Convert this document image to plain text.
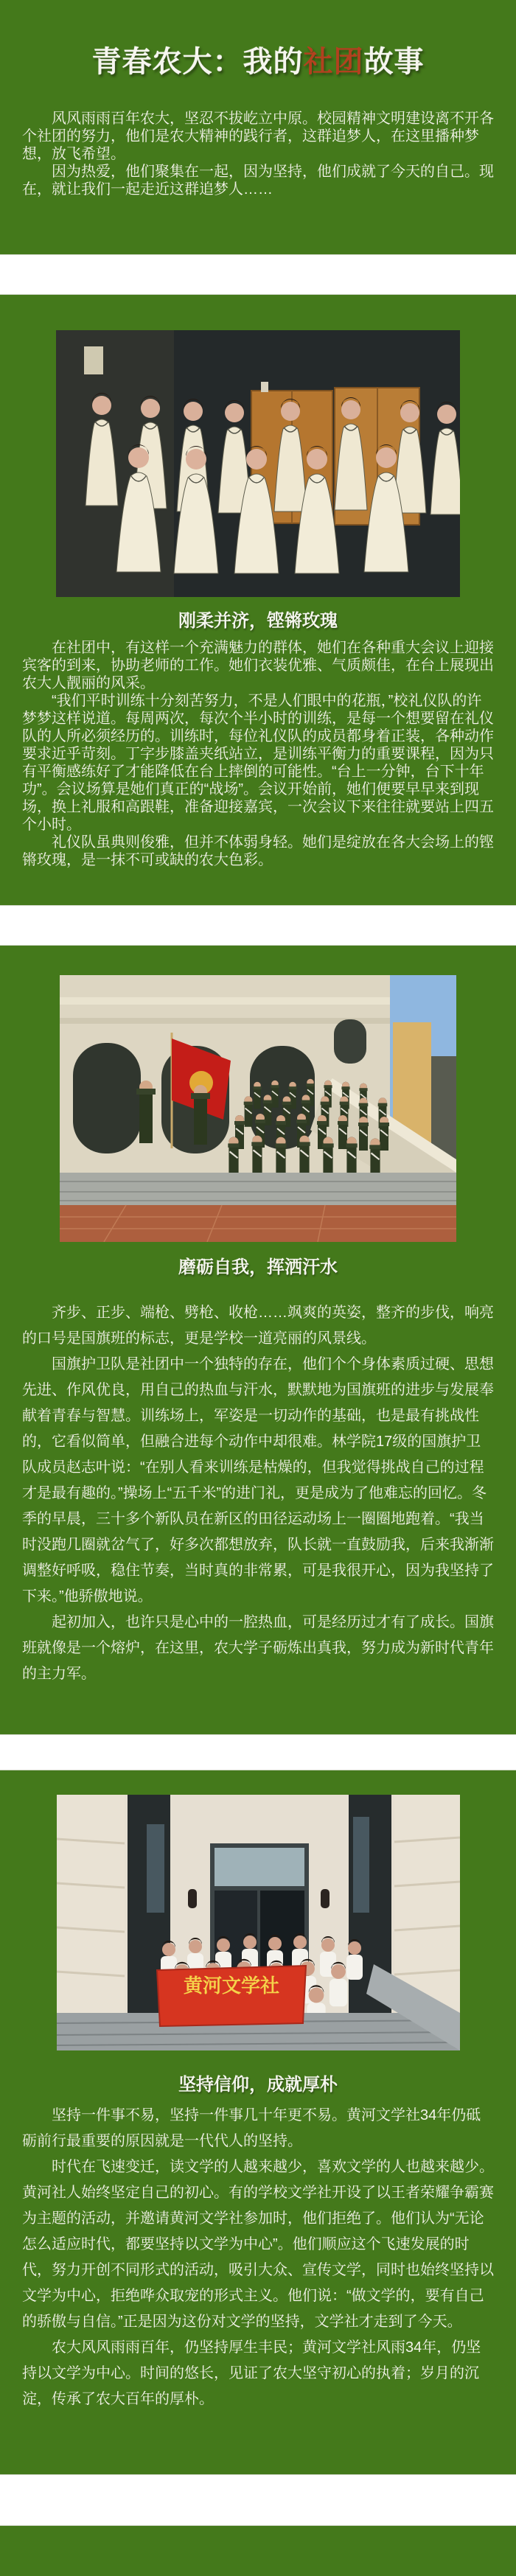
青春农大：我的社团故事

风风雨雨百年农大，坚忍不拔屹立中原。校园精神文明建设离不开各个社团的努力，他们是农大精神的践行者，这群追梦人，在这里播种梦想，放飞希望。

因为热爱，他们聚集在一起，因为坚持，他们成就了今天的自己。现在，就让我们一起走近这群追梦人……

刚柔并济，铿锵玫瑰

在社团中，有这样一个充满魅力的群体，她们在各种重大会议上迎接宾客的到来，协助老师的工作。她们衣装优雅、气质颇佳，在台上展现出农大人靓丽的风采。

“我们平时训练十分刻苦努力，不是人们眼中的花瓶，”校礼仪队的许梦梦这样说道。每周两次，每次个半小时的训练，是每一个想要留在礼仪队的人所必须经历的。训练时，每位礼仪队的成员都身着正装，各种动作要求近乎苛刻。丁字步膝盖夹纸站立，是训练平衡力的重要课程，因为只有平衡感练好了才能降低在台上摔倒的可能性。“台上一分钟，台下十年功”。会议场算是她们真正的“战场”。会议开始前，她们便要早早来到现场，换上礼服和高跟鞋，准备迎接嘉宾，一次会议下来往往就要站上四五个小时。

礼仪队虽典则俊雅，但并不体弱身轻。她们是绽放在各大会场上的铿锵玫瑰，是一抹不可或缺的农大色彩。

磨砺自我，挥洒汗水

齐步、正步、端枪、劈枪、收枪……飒爽的英姿，整齐的步伐，响亮的口号是国旗班的标志，更是学校一道亮丽的风景线。

国旗护卫队是社团中一个独特的存在，他们个个身体素质过硬、思想先进、作风优良，用自己的热血与汗水，默默地为国旗班的进步与发展奉献着青春与智慧。训练场上，军姿是一切动作的基础，也是最有挑战性的，它看似简单，但融合进每个动作中却很难。林学院17级的国旗护卫队成员赵志叶说：“在别人看来训练是枯燥的，但我觉得挑战自己的过程才是最有趣的。”操场上“五千米”的进门礼，更是成为了他难忘的回忆。冬季的早晨，三十多个新队员在新区的田径运动场上一圈圈地跑着。“我当时没跑几圈就岔气了，好多次都想放弃，队长就一直鼓励我，后来我渐渐调整好呼吸，稳住节奏，当时真的非常累，可是我很开心，因为我坚持了下来。”他骄傲地说。

起初加入，也许只是心中的一腔热血，可是经历过才有了成长。国旗班就像是一个熔炉，在这里，农大学子砺炼出真我，努力成为新时代青年的主力军。

黄河文学社
坚持信仰，成就厚朴

坚持一件事不易，坚持一件事几十年更不易。黄河文学社34年仍砥砺前行最重要的原因就是一代代人的坚持。

时代在飞速变迁，读文学的人越来越少，喜欢文学的人也越来越少。黄河社人始终坚定自己的初心。有的学校文学社开设了以王者荣耀争霸赛为主题的活动，并邀请黄河文学社参加时，他们拒绝了。他们认为“无论怎么适应时代，都要坚持以文学为中心”。他们顺应这个飞速发展的时代，努力开创不同形式的活动，吸引大众、宣传文学，同时也始终坚持以文学为中心，拒绝哗众取宠的形式主义。他们说：“做文学的，要有自己的骄傲与自信。”正是因为这份对文学的坚持，文学社才走到了今天。

农大风风雨雨百年，仍坚持厚生丰民；黄河文学社风雨34年，仍坚持以文学为中心。时间的悠长，见证了农大坚守初心的执着；岁月的沉淀，传承了农大百年的厚朴。
